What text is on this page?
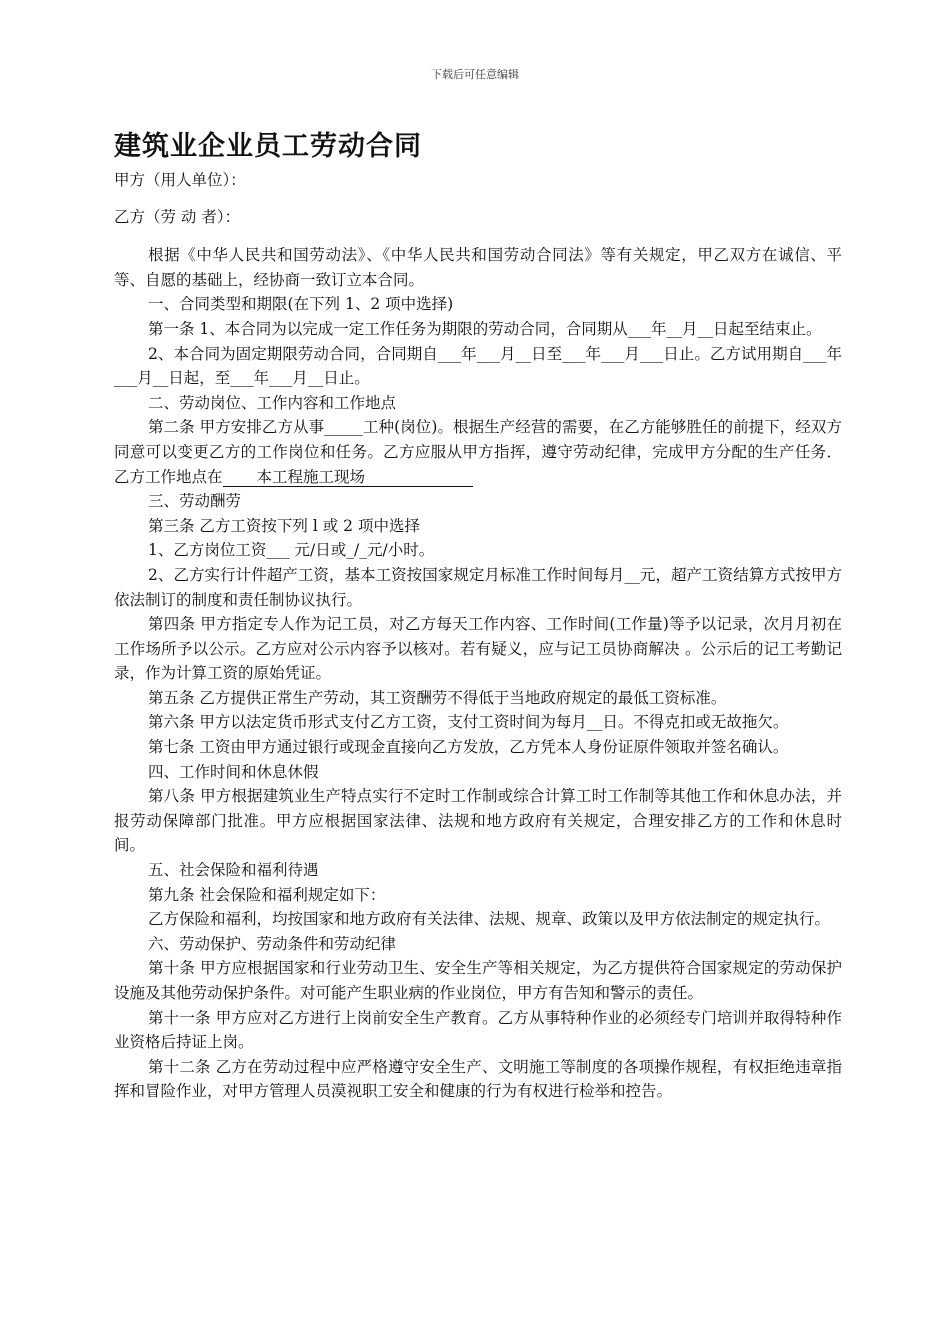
下载后可任意编辑
建筑业企业员工劳动合同

甲方（用人单位）：

乙方（劳 动 者）：

根据《中华人民共和国劳动法》、《中华人民共和国劳动合同法》等有关规定，甲乙双方在诚信、平等、自愿的基础上，经协商一致订立本合同。

一、合同类型和期限(在下列 1、2 项中选择)

第一条 1、本合同为以完成一定工作任务为期限的劳动合同，合同期从___年__月__日起至结束止。

2、本合同为固定期限劳动合同，合同期自___年___月__日至___年___月___日止。乙方试用期自___年___月__日起，至___年___月__日止。

二、劳动岗位、工作内容和工作地点

第二条 甲方安排乙方从事_____工种(岗位)。根据生产经营的需要，在乙方能够胜任的前提下，经双方同意可以变更乙方的工作岗位和任务。乙方应服从甲方指挥，遵守劳动纪律，完成甲方分配的生产任务．乙方工作地点在本工程施工现场

三、劳动酬劳

第三条 乙方工资按下列 l 或 2 项中选择

1、乙方岗位工资___ 元/日或_/_元/小时。

2、乙方实行计件超产工资，基本工资按国家规定月标准工作时间每月__元，超产工资结算方式按甲方依法制订的制度和责任制协议执行。

第四条 甲方指定专人作为记工员，对乙方每天工作内容、工作时间(工作量)等予以记录，次月月初在工作场所予以公示。乙方应对公示内容予以核对。若有疑义，应与记工员协商解决 。公示后的记工考勤记录，作为计算工资的原始凭证。

第五条 乙方提供正常生产劳动，其工资酬劳不得低于当地政府规定的最低工资标准。

第六条 甲方以法定货币形式支付乙方工资，支付工资时间为每月__日。不得克扣或无故拖欠。

第七条 工资由甲方通过银行或现金直接向乙方发放，乙方凭本人身份证原件领取并签名确认。

四、工作时间和休息休假

第八条 甲方根据建筑业生产特点实行不定时工作制或综合计算工时工作制等其他工作和休息办法，并报劳动保障部门批准。甲方应根据国家法律、法规和地方政府有关规定，合理安排乙方的工作和休息时间。

五、社会保险和福利待遇

第九条 社会保险和福利规定如下：

乙方保险和福利，均按国家和地方政府有关法律、法规、规章、政策以及甲方依法制定的规定执行。

六、劳动保护、劳动条件和劳动纪律

第十条 甲方应根据国家和行业劳动卫生、安全生产等相关规定，为乙方提供符合国家规定的劳动保护设施及其他劳动保护条件。对可能产生职业病的作业岗位，甲方有告知和警示的责任。

第十一条 甲方应对乙方进行上岗前安全生产教育。乙方从事特种作业的必须经专门培训并取得特种作业资格后持证上岗。

第十二条 乙方在劳动过程中应严格遵守安全生产、文明施工等制度的各项操作规程，有权拒绝违章指挥和冒险作业，对甲方管理人员漠视职工安全和健康的行为有权进行检举和控告。
